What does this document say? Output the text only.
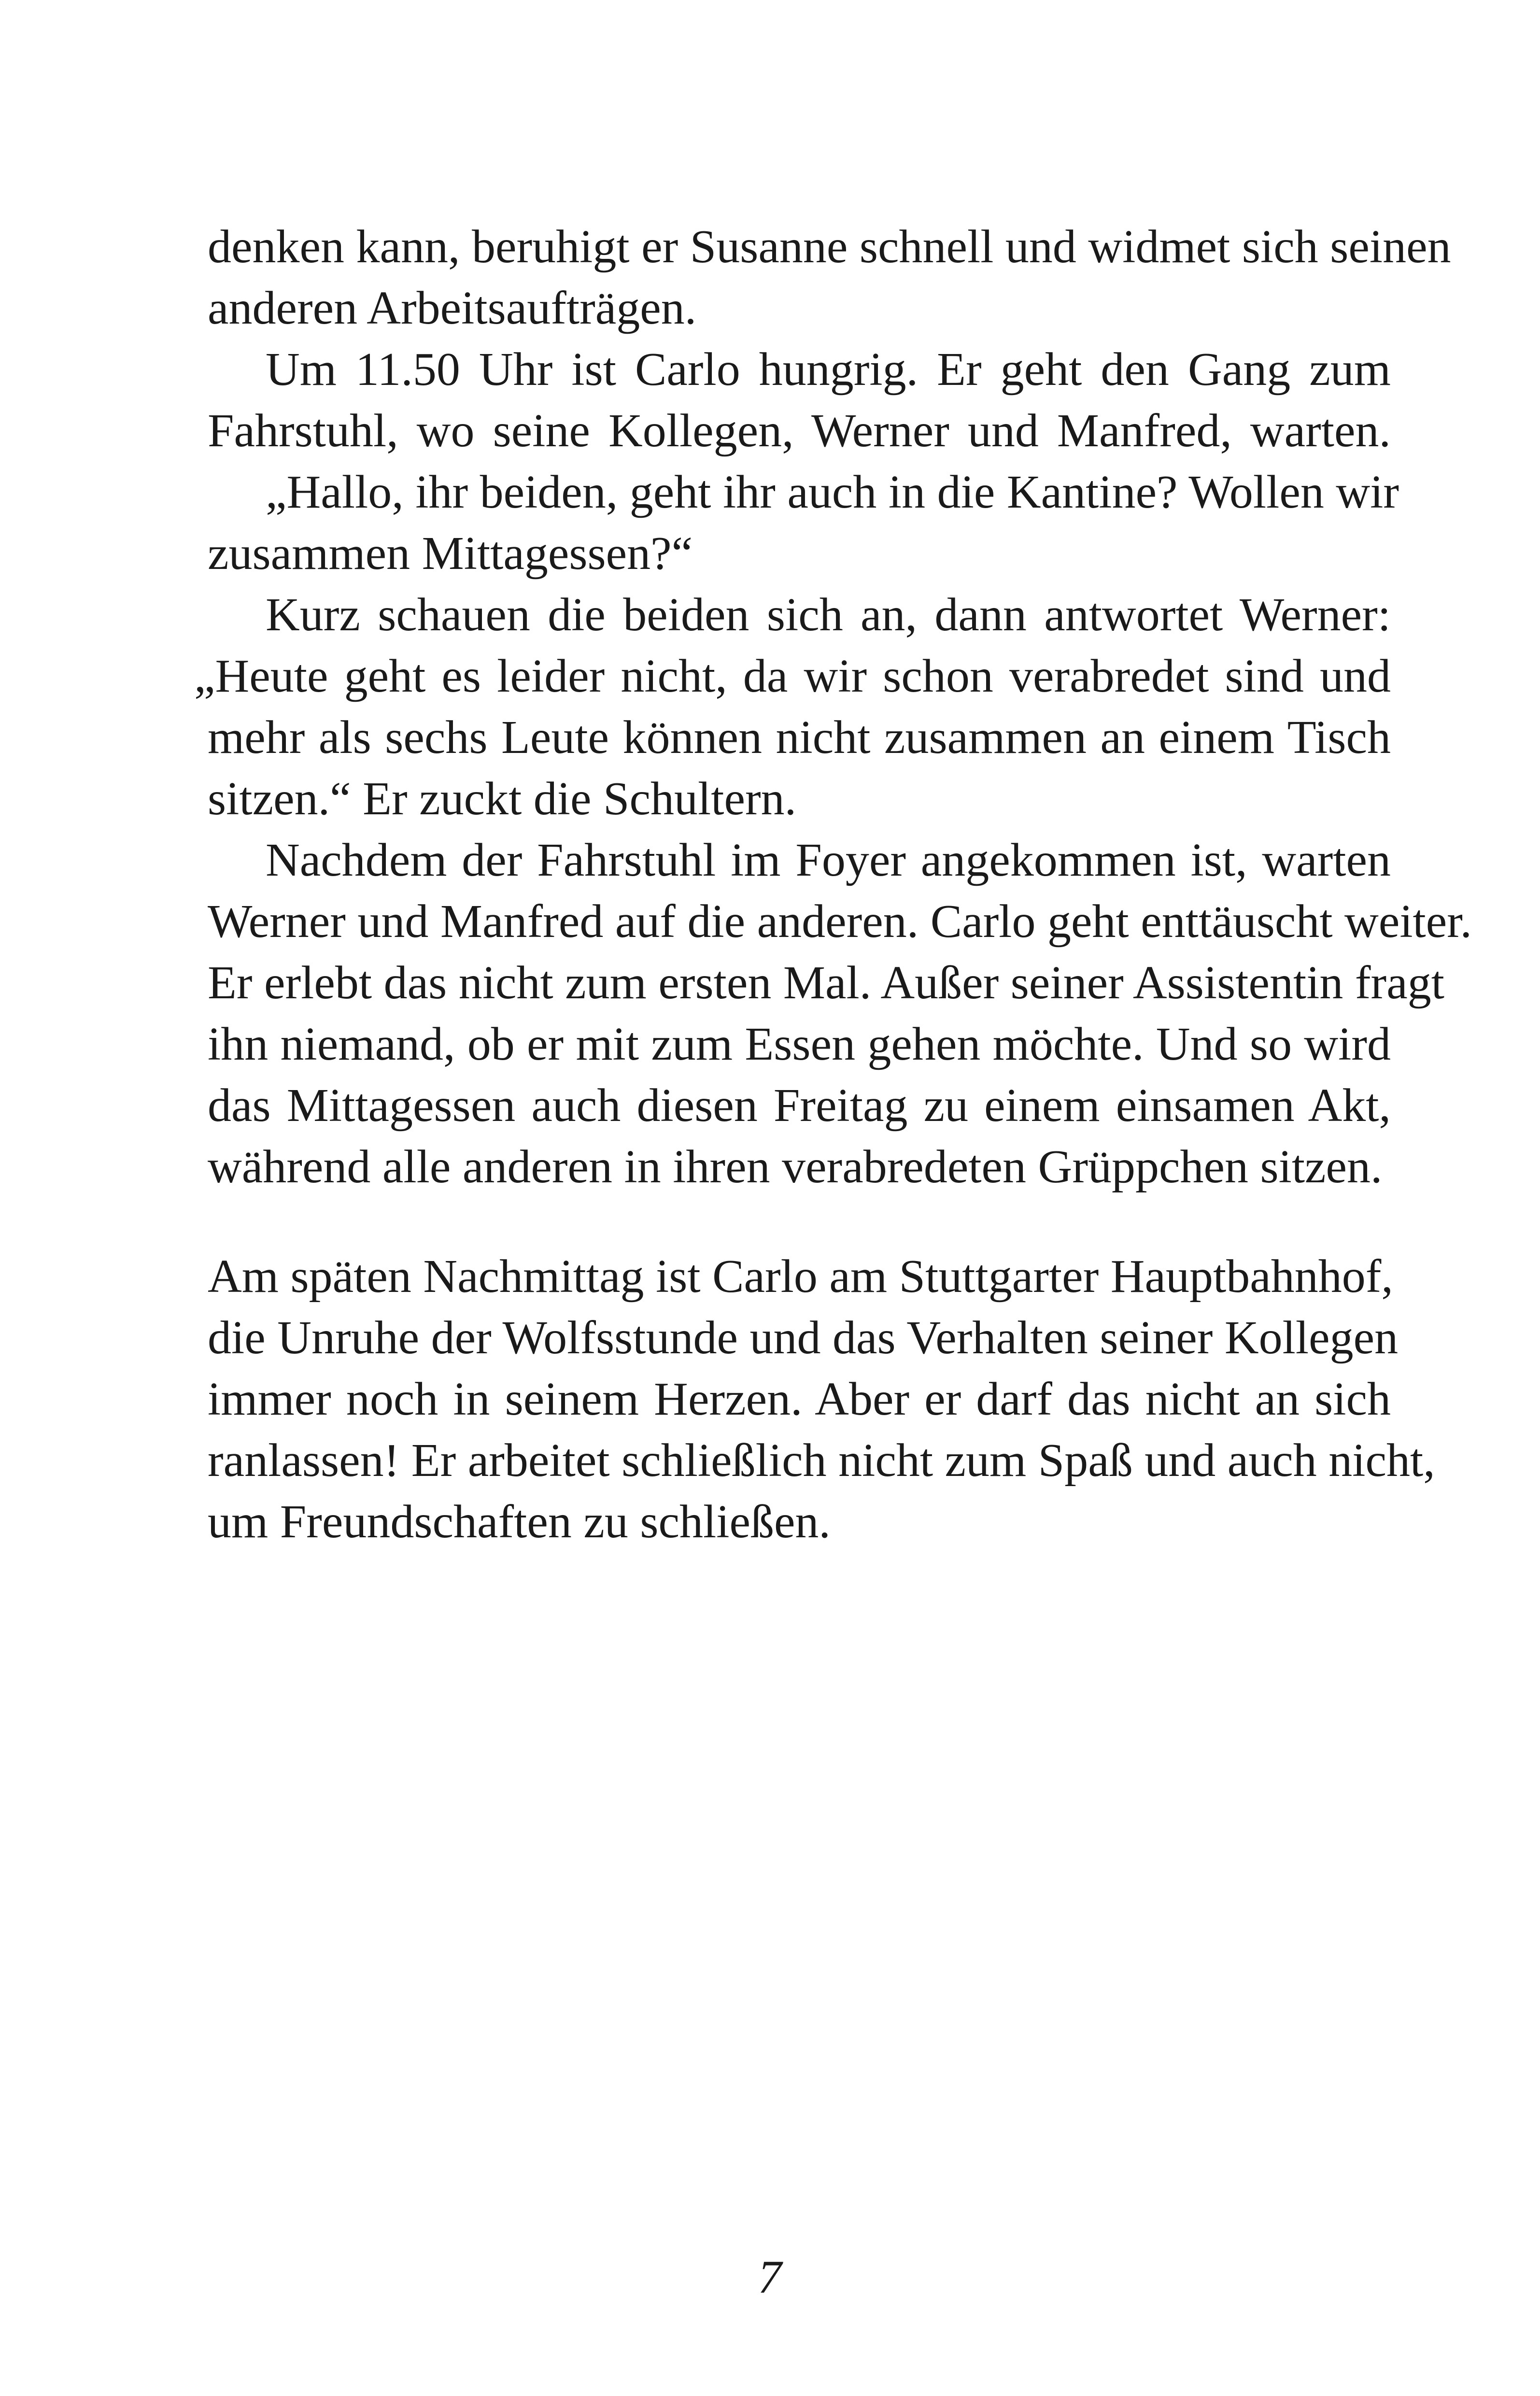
denken kann, beruhigt er Susanne schnell und widmet sich seinen
anderen Arbeitsaufträgen.
Um 11.50 Uhr ist Carlo hungrig. Er geht den Gang zum
Fahrstuhl, wo seine Kollegen, Werner und Manfred, warten.
„Hallo, ihr beiden, geht ihr auch in die Kantine? Wollen wir
zusammen Mittagessen?“
Kurz schauen die beiden sich an, dann antwortet Werner:
„Heute geht es leider nicht, da wir schon verabredet sind und
mehr als sechs Leute können nicht zusammen an einem Tisch
sitzen.“ Er zuckt die Schultern.
Nachdem der Fahrstuhl im Foyer angekommen ist, warten
Werner und Manfred auf die anderen. Carlo geht enttäuscht weiter.
Er erlebt das nicht zum ersten Mal. Außer seiner Assistentin fragt
ihn niemand, ob er mit zum Essen gehen möchte. Und so wird
das Mittagessen auch diesen Freitag zu einem einsamen Akt,
während alle anderen in ihren verabredeten Grüppchen sitzen.
Am späten Nachmittag ist Carlo am Stuttgarter Hauptbahnhof,
die Unruhe der Wolfsstunde und das Verhalten seiner Kollegen
immer noch in seinem Herzen. Aber er darf das nicht an sich
ranlassen! Er arbeitet schließlich nicht zum Spaß und auch nicht,
um Freundschaften zu schließen.
7
